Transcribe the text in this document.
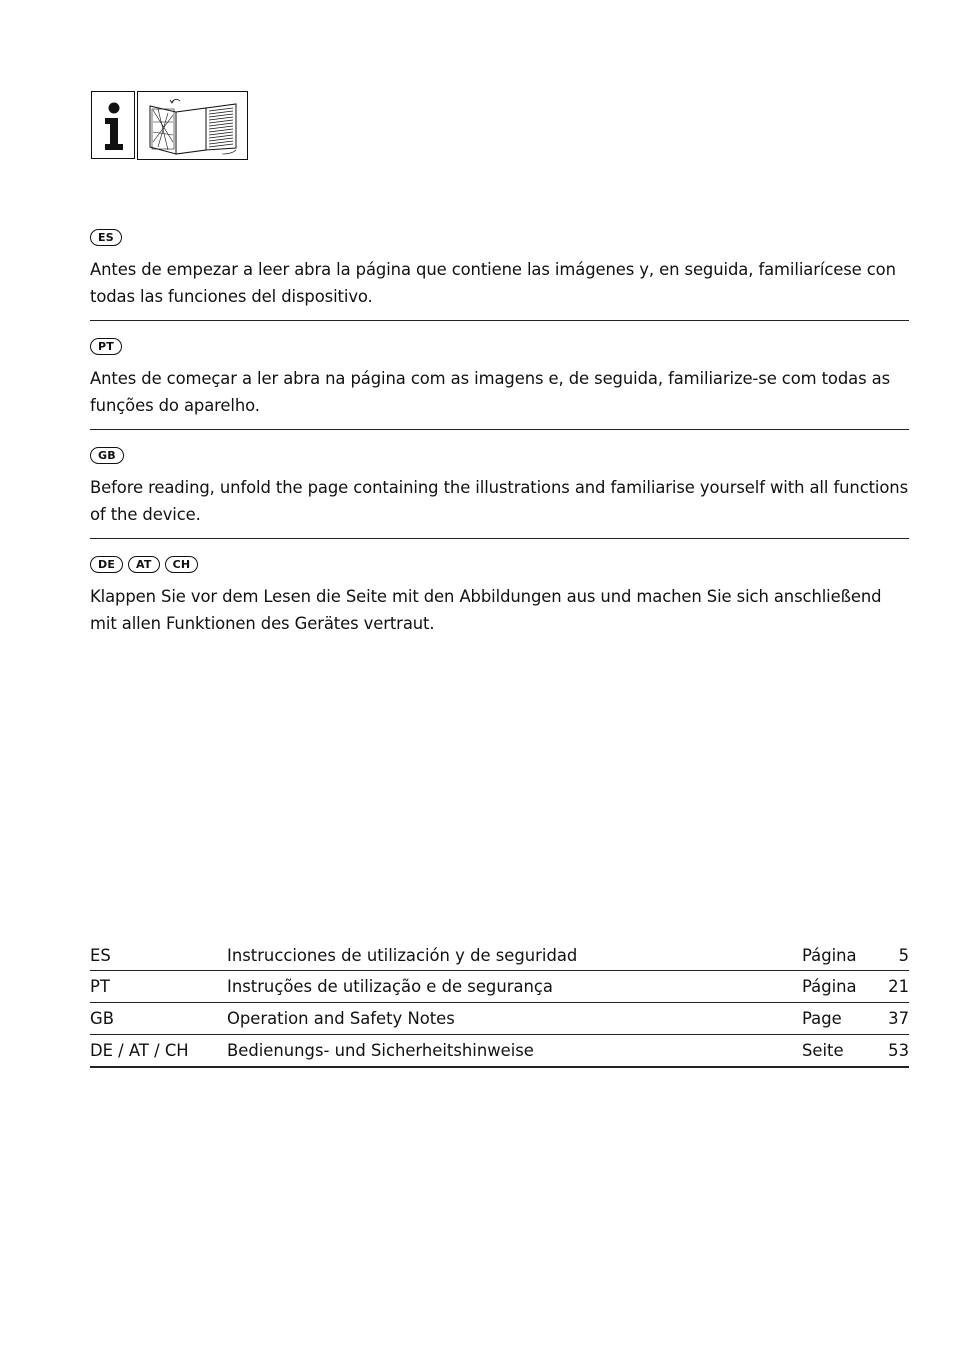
ES
Antes de empezar a leer abra la página que contiene las imágenes y, en seguida, familiarícese con todas las funciones del dispositivo.
PT
Antes de começar a ler abra na página com as imagens e, de seguida, familiarize-se com todas as funções do aparelho.
GB
Before reading, unfold the page containing the illustrations and familiarise yourself with all functions of the device.
DE	AT	CH
Klappen Sie vor dem Lesen die Seite mit den Abbildungen aus und machen Sie sich anschließend mit allen Funktionen des Gerätes vertraut.
ES	Instrucciones de utilización y de seguridad	Página	5
PT	Instruções de utilização e de segurança	Página	21
GB	Operation and Safety Notes	Page	37
DE / AT / CH	Bedienungs- und Sicherheitshinweise	Seite	53
